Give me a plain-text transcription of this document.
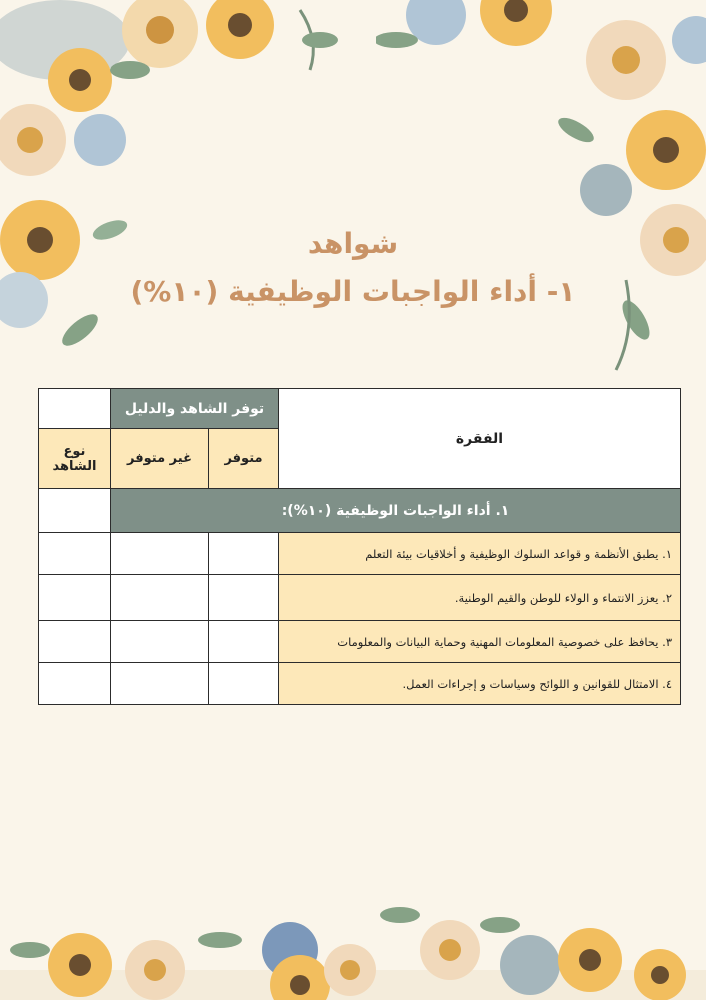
شواهد
١- أداء الواجبات الوظيفية (١٠%)
الفقرة	توفر الشاهد والدليل		
	متوفر	غير متوفر	نوع الشاهد
١. أداء الواجبات الوظيفية (١٠%):			
١. يطبق الأنظمة و قواعد السلوك الوظيفية و أخلاقيات بيئة التعلم			
٢. يعزز الانتماء و الولاء للوطن والقيم الوطنية.			
٣. يحافظ على خصوصية المعلومات المهنية وحماية البيانات والمعلومات			
٤. الامتثال للقوانين و اللوائح وسياسات و إجراءات العمل.			
